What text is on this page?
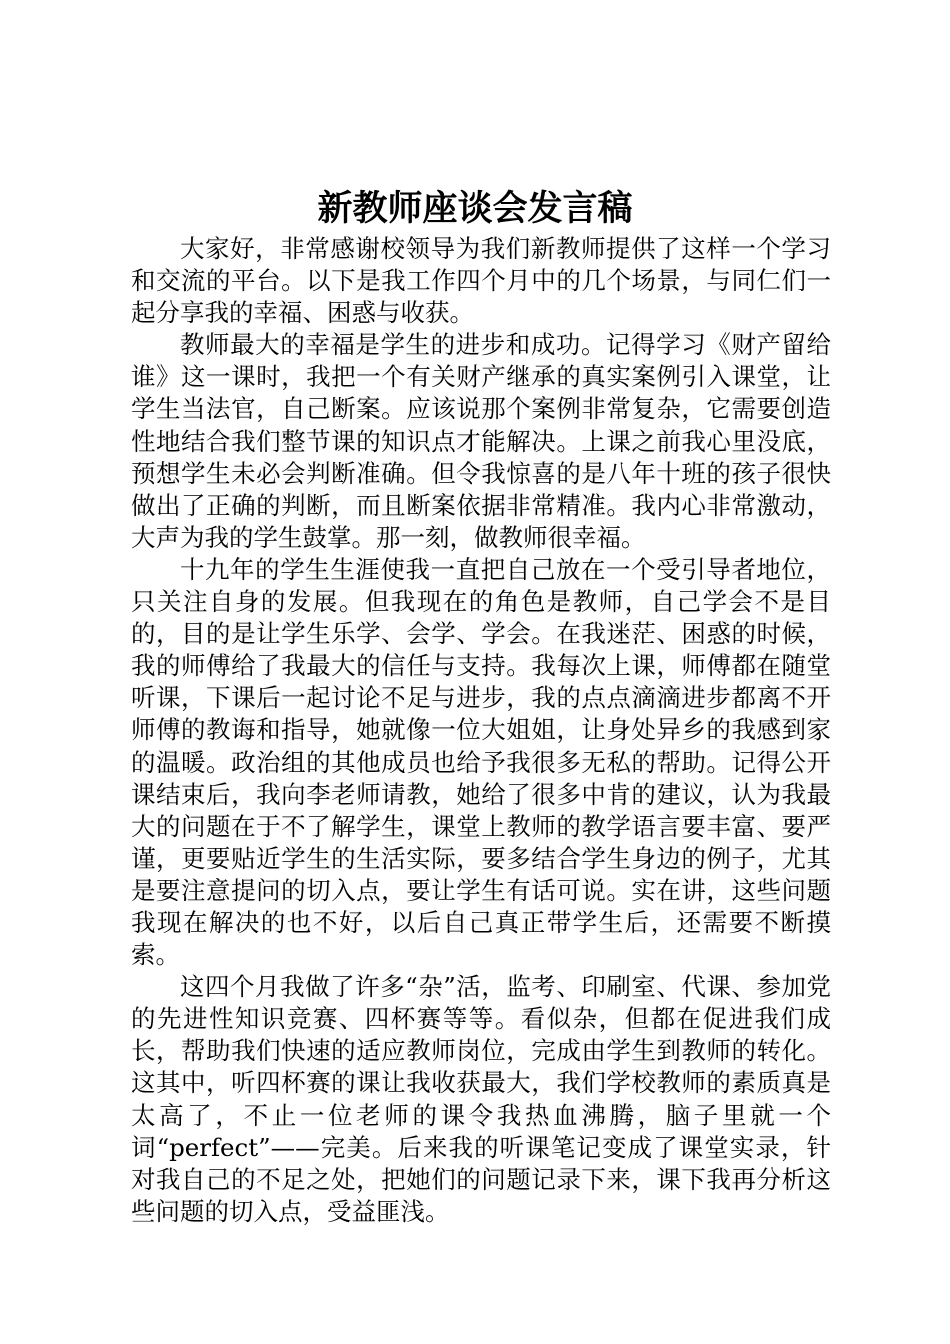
新教师座谈会发言稿

大家好，非常感谢校领导为我们新教师提供了这样一个学习和交流的平台。以下是我工作四个月中的几个场景，与同仁们一起分享我的幸福、困惑与收获。

教师最大的幸福是学生的进步和成功。记得学习《财产留给谁》这一课时，我把一个有关财产继承的真实案例引入课堂，让学生当法官，自己断案。应该说那个案例非常复杂，它需要创造性地结合我们整节课的知识点才能解决。上课之前我心里没底，预想学生未必会判断准确。但令我惊喜的是八年十班的孩子很快做出了正确的判断，而且断案依据非常精准。我内心非常激动，大声为我的学生鼓掌。那一刻，做教师很幸福。

十九年的学生生涯使我一直把自己放在一个受引导者地位，只关注自身的发展。但我现在的角色是教师，自己学会不是目的，目的是让学生乐学、会学、学会。在我迷茫、困惑的时候，我的师傅给了我最大的信任与支持。我每次上课，师傅都在随堂听课，下课后一起讨论不足与进步，我的点点滴滴进步都离不开师傅的教诲和指导，她就像一位大姐姐，让身处异乡的我感到家的温暖。政治组的其他成员也给予我很多无私的帮助。记得公开课结束后，我向李老师请教，她给了很多中肯的建议，认为我最大的问题在于不了解学生，课堂上教师的教学语言要丰富、要严谨，更要贴近学生的生活实际，要多结合学生身边的例子，尤其是要注意提问的切入点，要让学生有话可说。实在讲，这些问题我现在解决的也不好，以后自己真正带学生后，还需要不断摸索。

这四个月我做了许多“杂”活，监考、印刷室、代课、参加党的先进性知识竞赛、四杯赛等等。看似杂，但都在促进我们成长，帮助我们快速的适应教师岗位，完成由学生到教师的转化。这其中，听四杯赛的课让我收获最大，我们学校教师的素质真是太高了，不止一位老师的课令我热血沸腾，脑子里就一个词“perfect”——完美。后来我的听课笔记变成了课堂实录，针对我自己的不足之处，把她们的问题记录下来，课下我再分析这些问题的切入点，受益匪浅。
